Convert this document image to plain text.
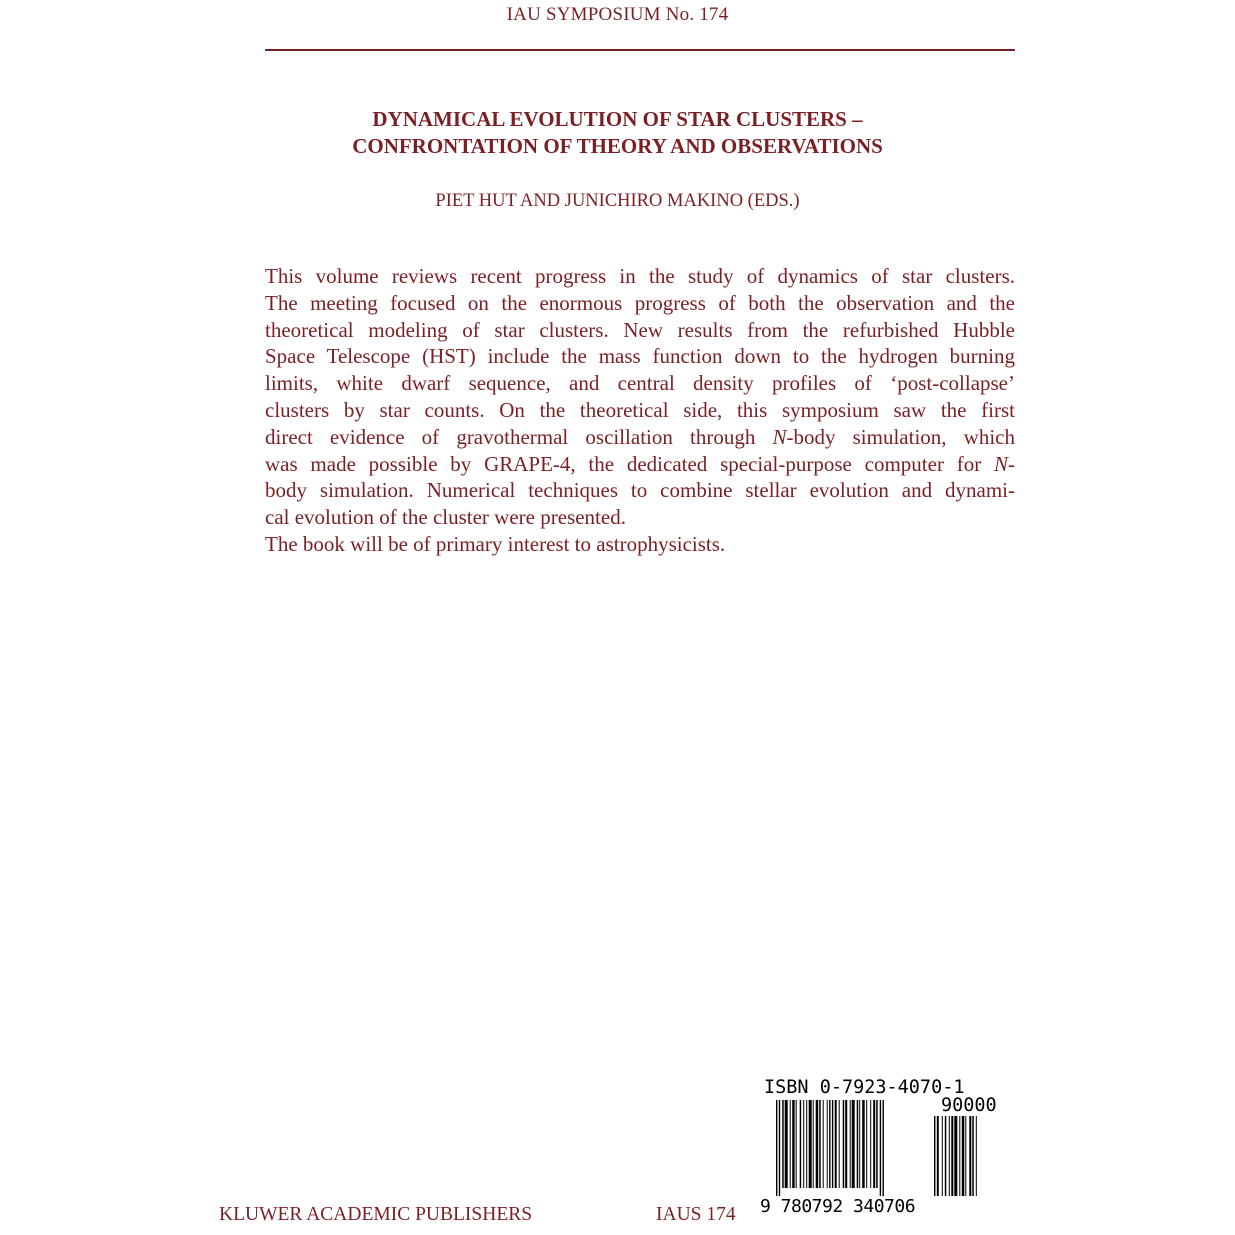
IAU SYMPOSIUM No. 174
DYNAMICAL EVOLUTION OF STAR CLUSTERS –
CONFRONTATION OF THEORY AND OBSERVATIONS
PIET HUT AND JUNICHIRO MAKINO (EDS.)
This volume reviews recent progress in the study of dynamics of star clusters.
The meeting focused on the enormous progress of both the observation and the
theoretical modeling of star clusters. New results from the refurbished Hubble
Space Telescope (HST) include the mass function down to the hydrogen burning
limits, white dwarf sequence, and central density profiles of ‘post-collapse’
clusters by star counts. On the theoretical side, this symposium saw the first
direct evidence of gravothermal oscillation through N-body simulation, which
was made possible by GRAPE-4, the dedicated special-purpose computer for N-
body simulation. Numerical techniques to combine stellar evolution and dynami-
cal evolution of the cluster were presented.
The book will be of primary interest to astrophysicists.
ISBN 0-7923-4070-1
90000
9 780792 340706
KLUWER ACADEMIC PUBLISHERS	IAUS 174
